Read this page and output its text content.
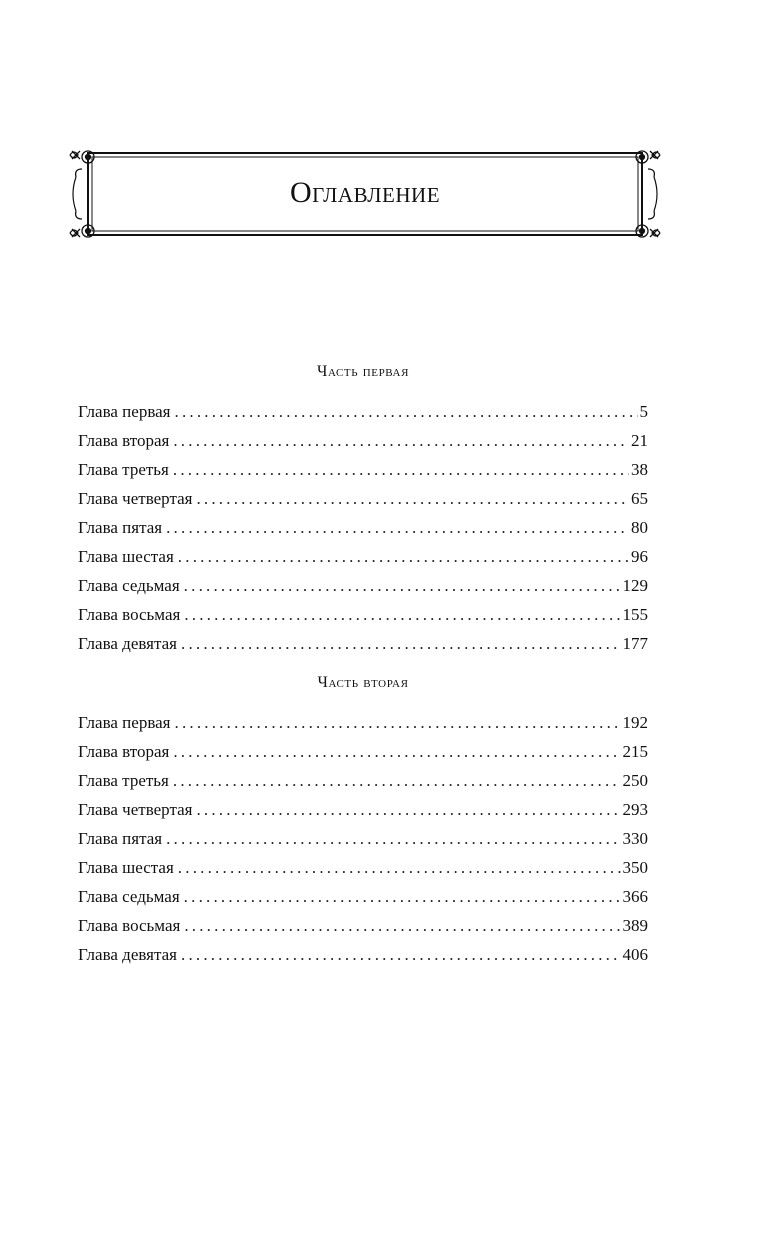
Оглавление
Часть первая
Глава первая .....	5
Глава вторая .....	21
Глава третья .....	38
Глава четвертая .....	65
Глава пятая .....	80
Глава шестая .....	96
Глава седьмая .....	129
Глава восьмая .....	155
Глава девятая .....	177
Часть вторая
Глава первая .....	192
Глава вторая .....	215
Глава третья .....	250
Глава четвертая .....	293
Глава пятая .....	330
Глава шестая .....	350
Глава седьмая .....	366
Глава восьмая .....	389
Глава девятая .....	406
